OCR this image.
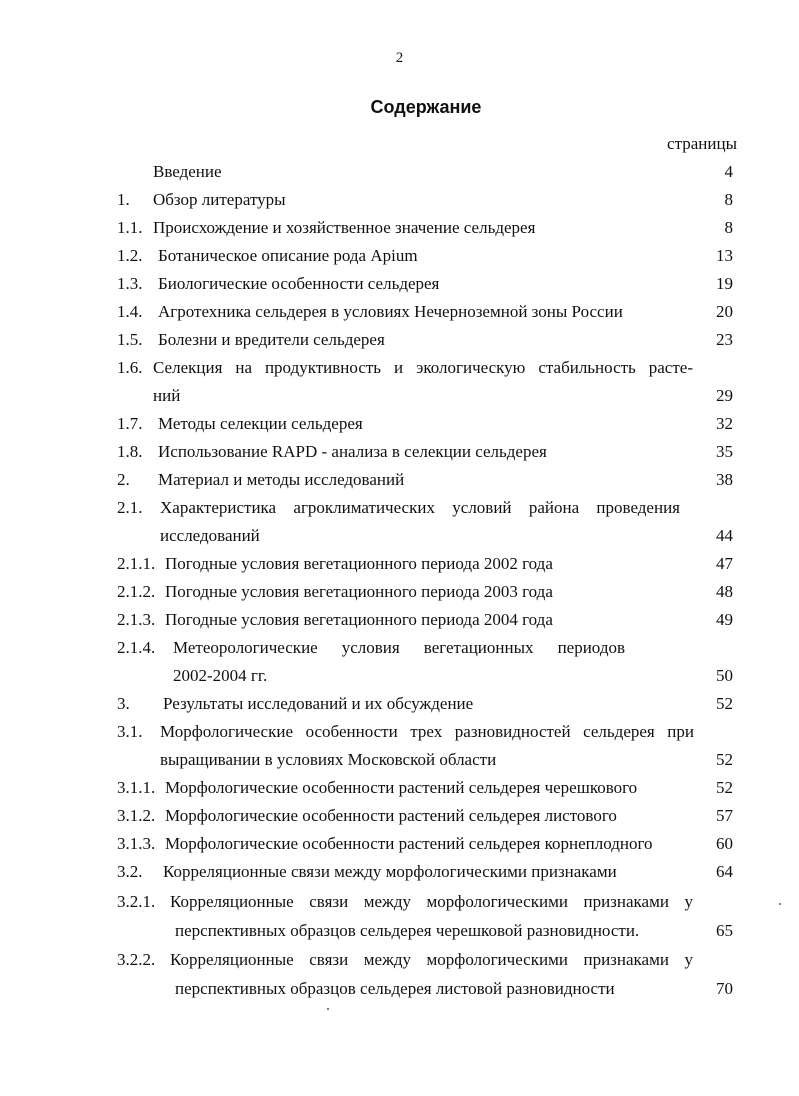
2
Содержание
страницы
Введение	4
1. Обзор литературы	8
1.1. Происхождение и хозяйственное значение сельдерея	8
1.2. Ботаническое описание рода Apium	13
1.3. Биологические особенности сельдерея	19
1.4. Агротехника сельдерея в условиях Нечерноземной зоны России	20
1.5. Болезни и вредители сельдерея	23
1.6. Селекция на продуктивность и экологическую стабильность расте-
ний	29
1.7. Методы селекции сельдерея	32
1.8. Использование RAPD - анализа в селекции сельдерея	35
2. Материал и методы исследований	38
2.1. Характеристика агроклиматических условий района проведения
исследований	44
2.1.1. Погодные условия вегетационного периода 2002 года	47
2.1.2. Погодные условия вегетационного периода 2003 года	48
2.1.3. Погодные условия вегетационного периода 2004 года	49
2.1.4. Метеорологические условия вегетационных периодов
2002-2004 гг.	50
3. Результаты исследований и их обсуждение	52
3.1. Морфологические особенности трех разновидностей сельдерея при
выращивании в условиях Московской области	52
3.1.1. Морфологические особенности растений сельдерея черешкового	52
3.1.2. Морфологические особенности растений сельдерея листового	57
3.1.3. Морфологические особенности растений сельдерея корнеплодного	60
3.2. Корреляционные связи между морфологическими признаками	64
3.2.1. Корреляционные связи между морфологическими признаками у
перспективных образцов сельдерея черешковой разновидности.	65
3.2.2. Корреляционные связи между морфологическими признаками у
перспективных образцов сельдерея листовой разновидности	70
